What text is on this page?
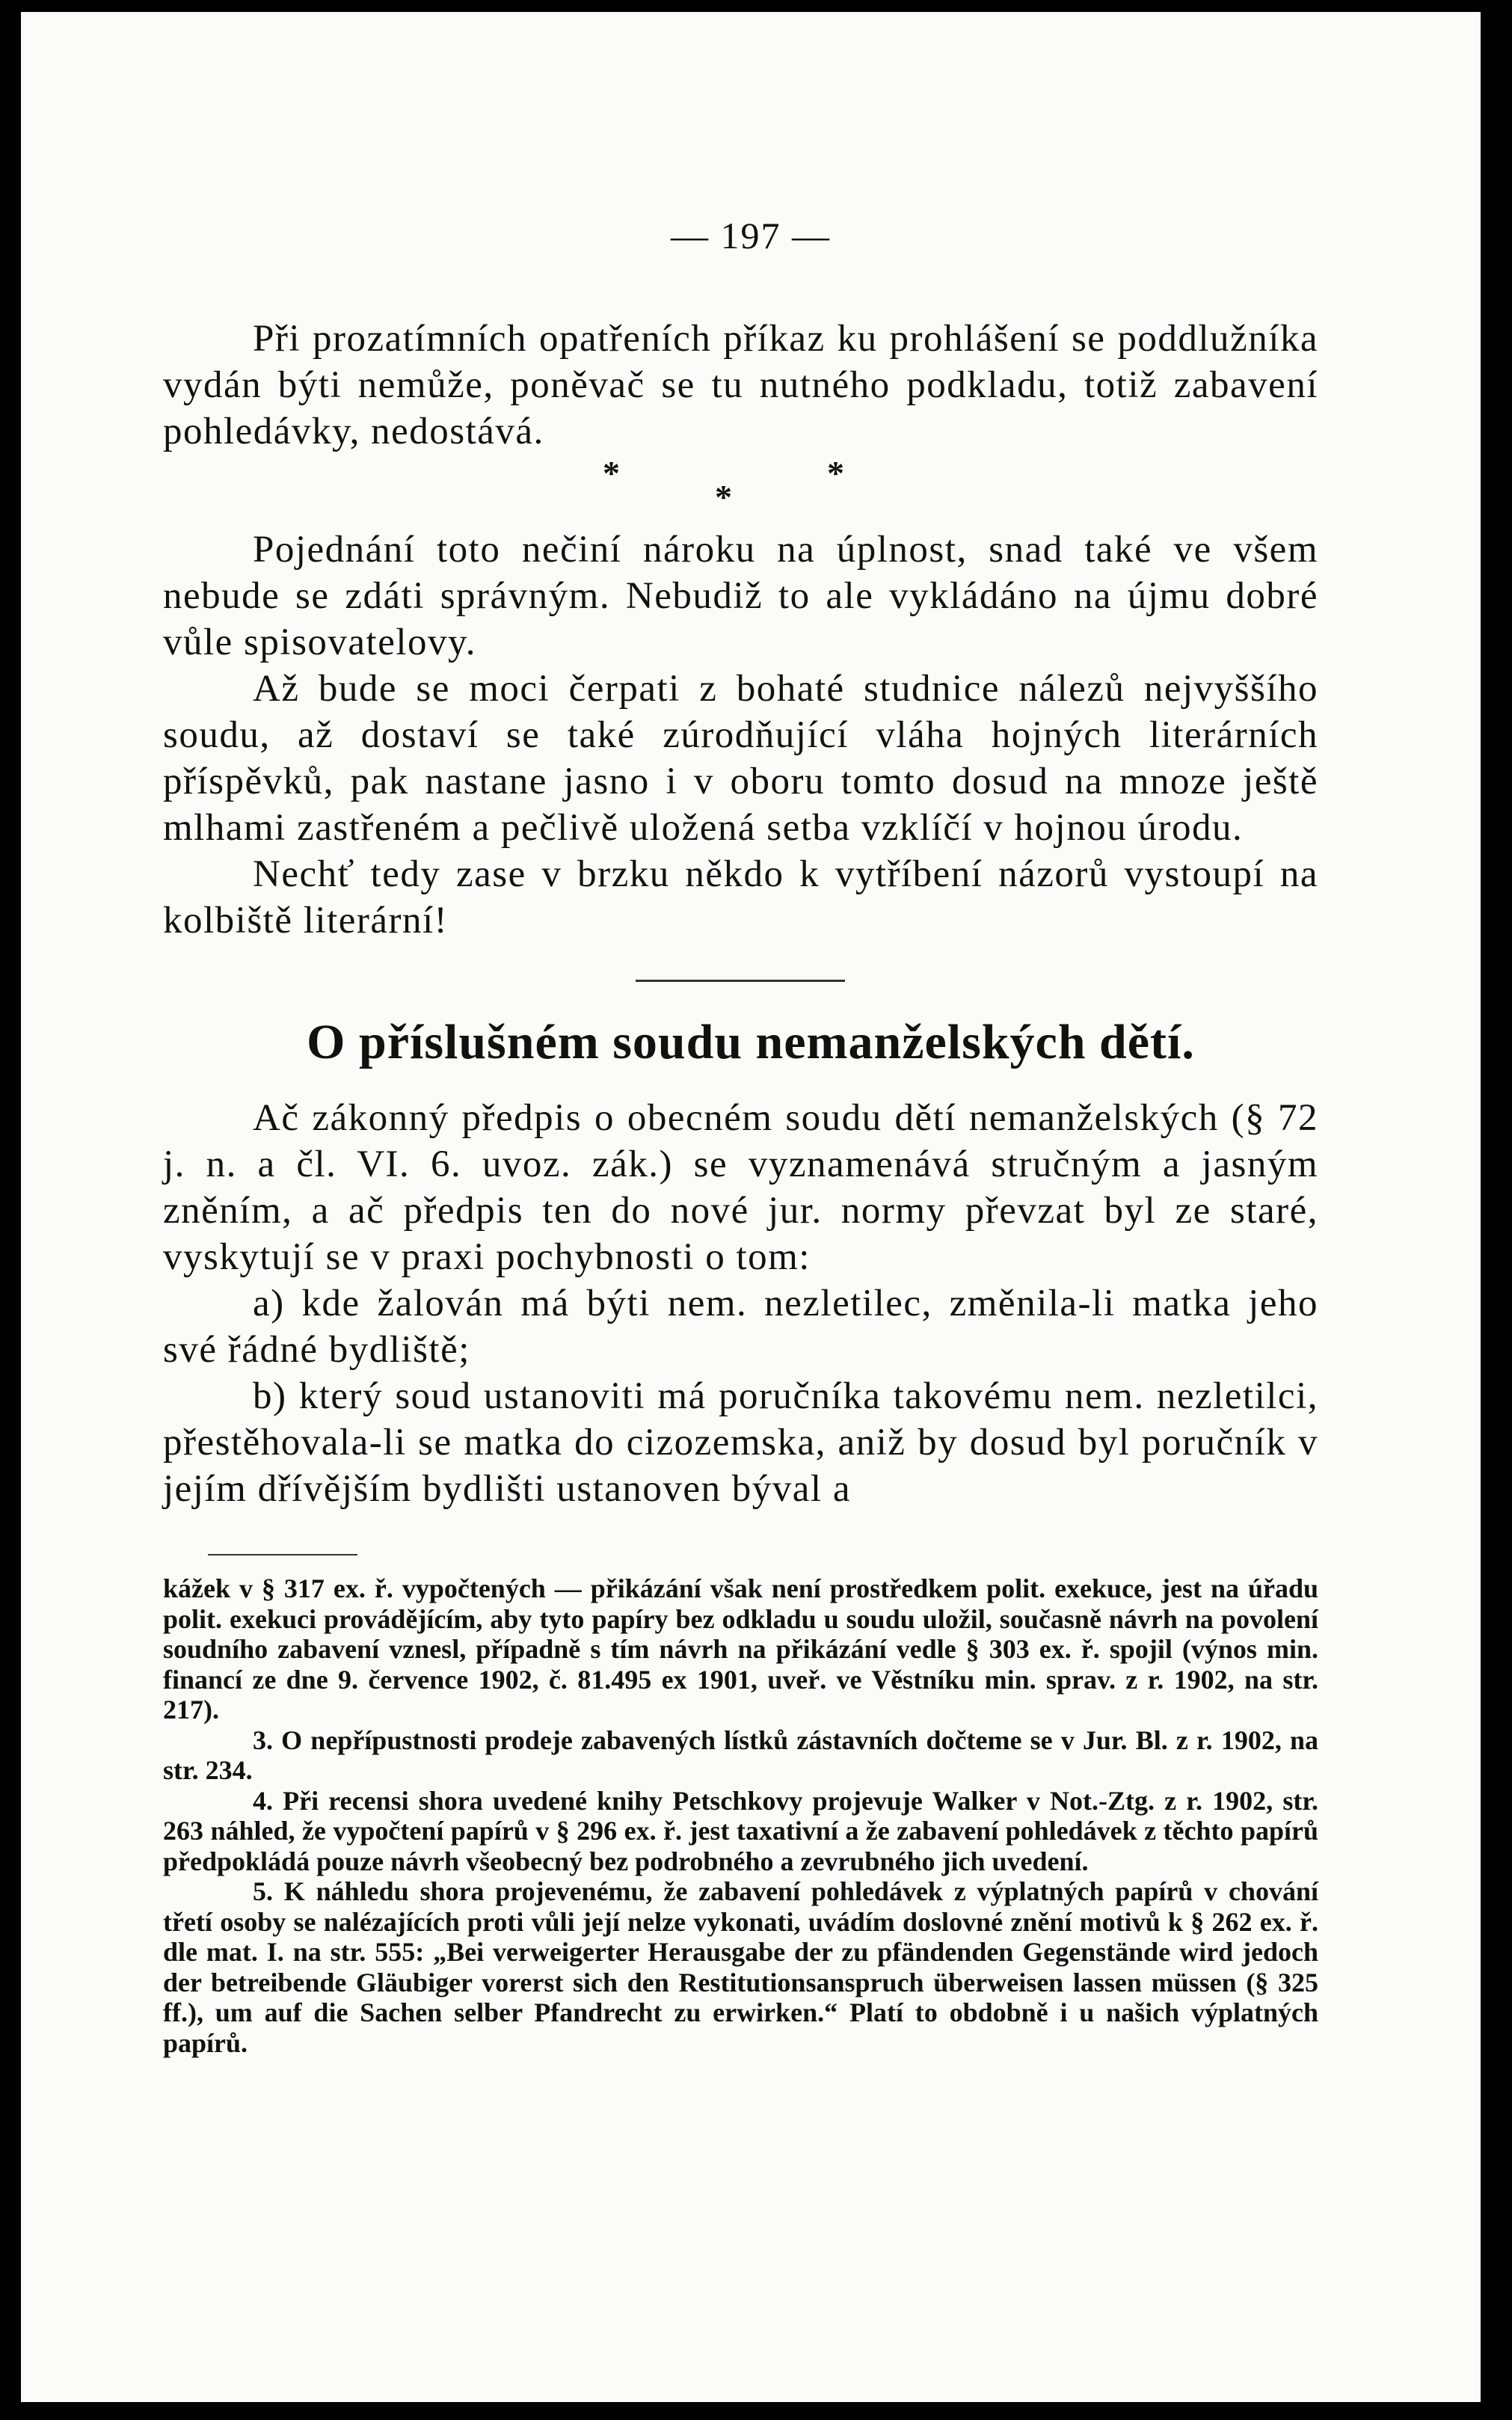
— 197 —

Při prozatímních opatřeních příkaz ku prohlášení se poddlužníka vydán býti nemůže, poněvač se tu nutného podkladu, totiž zabavení pohledávky, nedostává.

*	*
*

Pojednání toto nečiní nároku na úplnost, snad také ve všem nebude se zdáti správným. Nebudiž to ale vykládáno na újmu dobré vůle spisovatelovy.

Až bude se moci čerpati z bohaté studnice nálezů nejvyššího soudu, až dostaví se také zúrodňující vláha hojných literárních příspěvků, pak nastane jasno i v oboru tomto dosud na mnoze ještě mlhami zastřeném a pečlivě uložená setba vzklíčí v hojnou úrodu.

Nechť tedy zase v brzku někdo k vytříbení názorů vystoupí na kolbiště literární!

O příslušném soudu nemanželských dětí.

Ač zákonný předpis o obecném soudu dětí nemanželských (§ 72 j. n. a čl. VI. 6. uvoz. zák.) se vyznamenává stručným a jasným zněním, a ač předpis ten do nové jur. normy převzat byl ze staré, vyskytují se v praxi pochybnosti o tom:

a) kde žalován má býti nem. nezletilec, změnila-li matka jeho své řádné bydliště;

b) který soud ustanoviti má poručníka takovému nem. nezletilci, přestěhovala-li se matka do cizozemska, aniž by dosud byl poručník v jejím dřívějším bydlišti ustanoven býval a

kážek v § 317 ex. ř. vypočtených — přikázání však není prostředkem polit. exekuce, jest na úřadu polit. exekuci provádějícím, aby tyto papíry bez odkladu u soudu uložil, současně návrh na povolení soudního zabavení vznesl, případně s tím návrh na přikázání vedle § 303 ex. ř. spojil (výnos min. financí ze dne 9. července 1902, č. 81.495 ex 1901, uveř. ve Věstníku min. sprav. z r. 1902, na str. 217).

3. O nepřípustnosti prodeje zabavených lístků zástavních dočteme se v Jur. Bl. z r. 1902, na str. 234.

4. Při recensi shora uvedené knihy Petschkovy projevuje Walker v Not.-Ztg. z r. 1902, str. 263 náhled, že vypočtení papírů v § 296 ex. ř. jest taxativní a že zabavení pohledávek z těchto papírů předpokládá pouze návrh všeobecný bez podrobného a zevrubného jich uvedení.

5. K náhledu shora projevenému, že zabavení pohledávek z výplatných papírů v chování třetí osoby se nalézajících proti vůli její nelze vykonati, uvádím doslovné znění motivů k § 262 ex. ř. dle mat. I. na str. 555: „Bei verweigerter Herausgabe der zu pfändenden Gegenstände wird jedoch der betreibende Gläubiger vorerst sich den Restitutionsanspruch überweisen lassen müssen (§ 325 ff.), um auf die Sachen selber Pfandrecht zu erwirken.“ Platí to obdobně i u našich výplatných papírů.
